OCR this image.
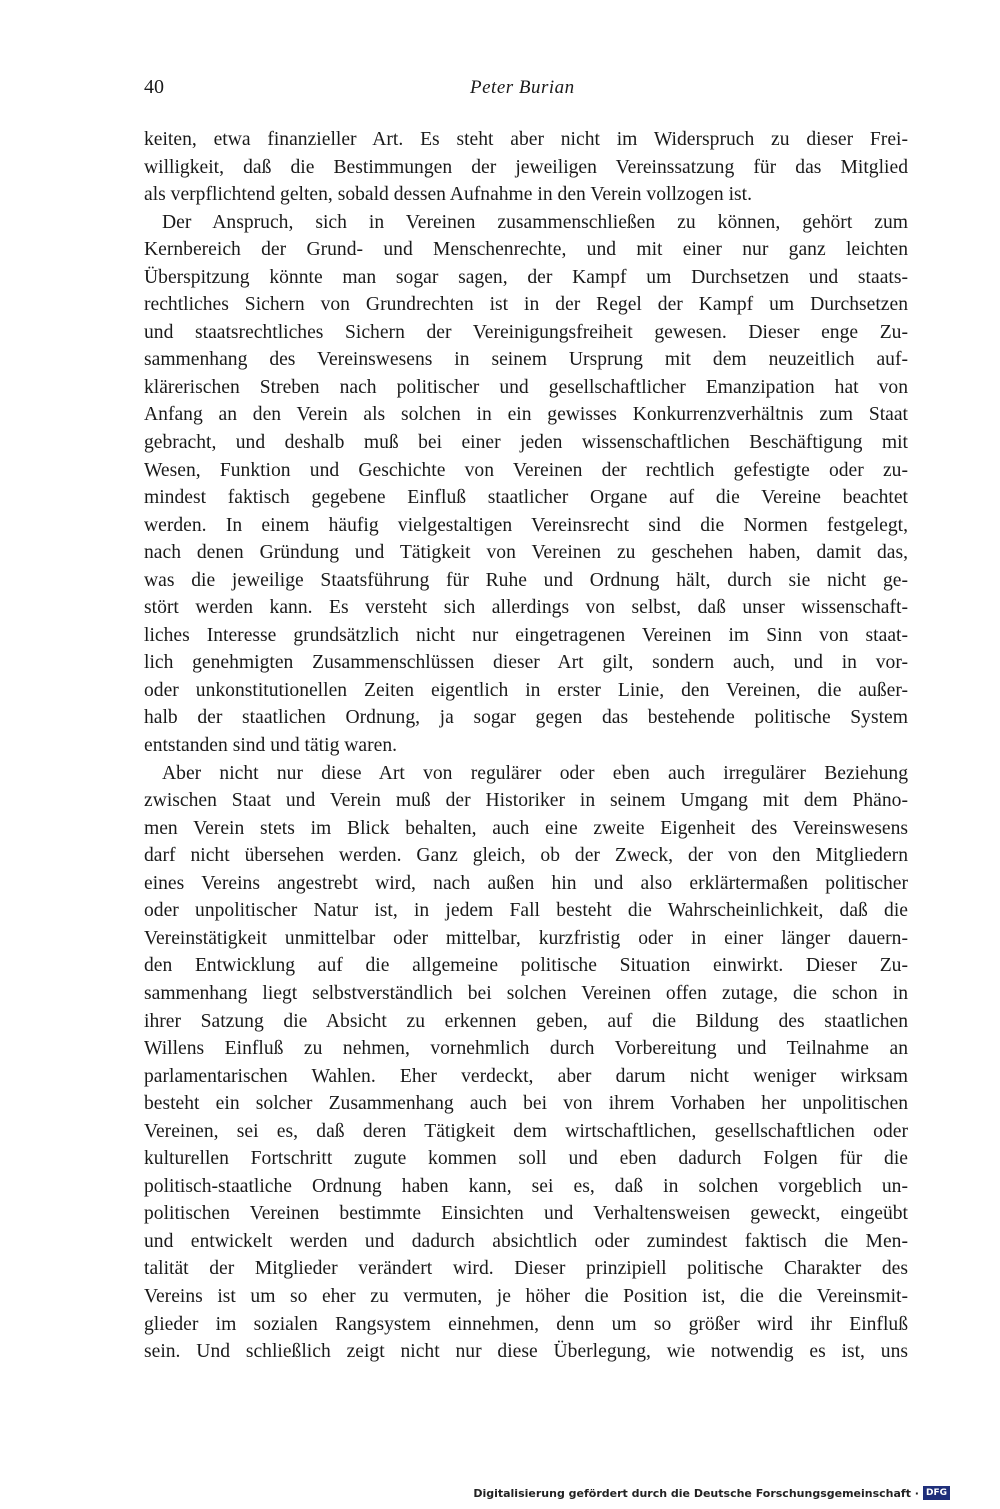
40	Peter Burian
keiten, etwa finanzieller Art. Es steht aber nicht im Widerspruch zu dieser Frei-
willigkeit, daß die Bestimmungen der jeweiligen Vereinssatzung für das Mitglied
als verpflichtend gelten, sobald dessen Aufnahme in den Verein vollzogen ist.
Der Anspruch, sich in Vereinen zusammenschließen zu können, gehört zum
Kernbereich der Grund- und Menschenrechte, und mit einer nur ganz leichten
Überspitzung könnte man sogar sagen, der Kampf um Durchsetzen und staats-
rechtliches Sichern von Grundrechten ist in der Regel der Kampf um Durchsetzen
und staatsrechtliches Sichern der Vereinigungsfreiheit gewesen. Dieser enge Zu-
sammenhang des Vereinswesens in seinem Ursprung mit dem neuzeitlich auf-
klärerischen Streben nach politischer und gesellschaftlicher Emanzipation hat von
Anfang an den Verein als solchen in ein gewisses Konkurrenzverhältnis zum Staat
gebracht, und deshalb muß bei einer jeden wissenschaftlichen Beschäftigung mit
Wesen, Funktion und Geschichte von Vereinen der rechtlich gefestigte oder zu-
mindest faktisch gegebene Einfluß staatlicher Organe auf die Vereine beachtet
werden. In einem häufig vielgestaltigen Vereinsrecht sind die Normen festgelegt,
nach denen Gründung und Tätigkeit von Vereinen zu geschehen haben, damit das,
was die jeweilige Staatsführung für Ruhe und Ordnung hält, durch sie nicht ge-
stört werden kann. Es versteht sich allerdings von selbst, daß unser wissenschaft-
liches Interesse grundsätzlich nicht nur eingetragenen Vereinen im Sinn von staat-
lich genehmigten Zusammenschlüssen dieser Art gilt, sondern auch, und in vor-
oder unkonstitutionellen Zeiten eigentlich in erster Linie, den Vereinen, die außer-
halb der staatlichen Ordnung, ja sogar gegen das bestehende politische System
entstanden sind und tätig waren.
Aber nicht nur diese Art von regulärer oder eben auch irregulärer Beziehung
zwischen Staat und Verein muß der Historiker in seinem Umgang mit dem Phäno-
men Verein stets im Blick behalten, auch eine zweite Eigenheit des Vereinswesens
darf nicht übersehen werden. Ganz gleich, ob der Zweck, der von den Mitgliedern
eines Vereins angestrebt wird, nach außen hin und also erklärtermaßen politischer
oder unpolitischer Natur ist, in jedem Fall besteht die Wahrscheinlichkeit, daß die
Vereinstätigkeit unmittelbar oder mittelbar, kurzfristig oder in einer länger dauern-
den Entwicklung auf die allgemeine politische Situation einwirkt. Dieser Zu-
sammenhang liegt selbstverständlich bei solchen Vereinen offen zutage, die schon in
ihrer Satzung die Absicht zu erkennen geben, auf die Bildung des staatlichen
Willens Einfluß zu nehmen, vornehmlich durch Vorbereitung und Teilnahme an
parlamentarischen Wahlen. Eher verdeckt, aber darum nicht weniger wirksam
besteht ein solcher Zusammenhang auch bei von ihrem Vorhaben her unpolitischen
Vereinen, sei es, daß deren Tätigkeit dem wirtschaftlichen, gesellschaftlichen oder
kulturellen Fortschritt zugute kommen soll und eben dadurch Folgen für die
politisch-staatliche Ordnung haben kann, sei es, daß in solchen vorgeblich un-
politischen Vereinen bestimmte Einsichten und Verhaltensweisen geweckt, eingeübt
und entwickelt werden und dadurch absichtlich oder zumindest faktisch die Men-
talität der Mitglieder verändert wird. Dieser prinzipiell politische Charakter des
Vereins ist um so eher zu vermuten, je höher die Position ist, die die Vereinsmit-
glieder im sozialen Rangsystem einnehmen, denn um so größer wird ihr Einfluß
sein. Und schließlich zeigt nicht nur diese Überlegung, wie notwendig es ist, uns
Digitalisierung gefördert durch die Deutsche Forschungsgemeinschaft · DFG
